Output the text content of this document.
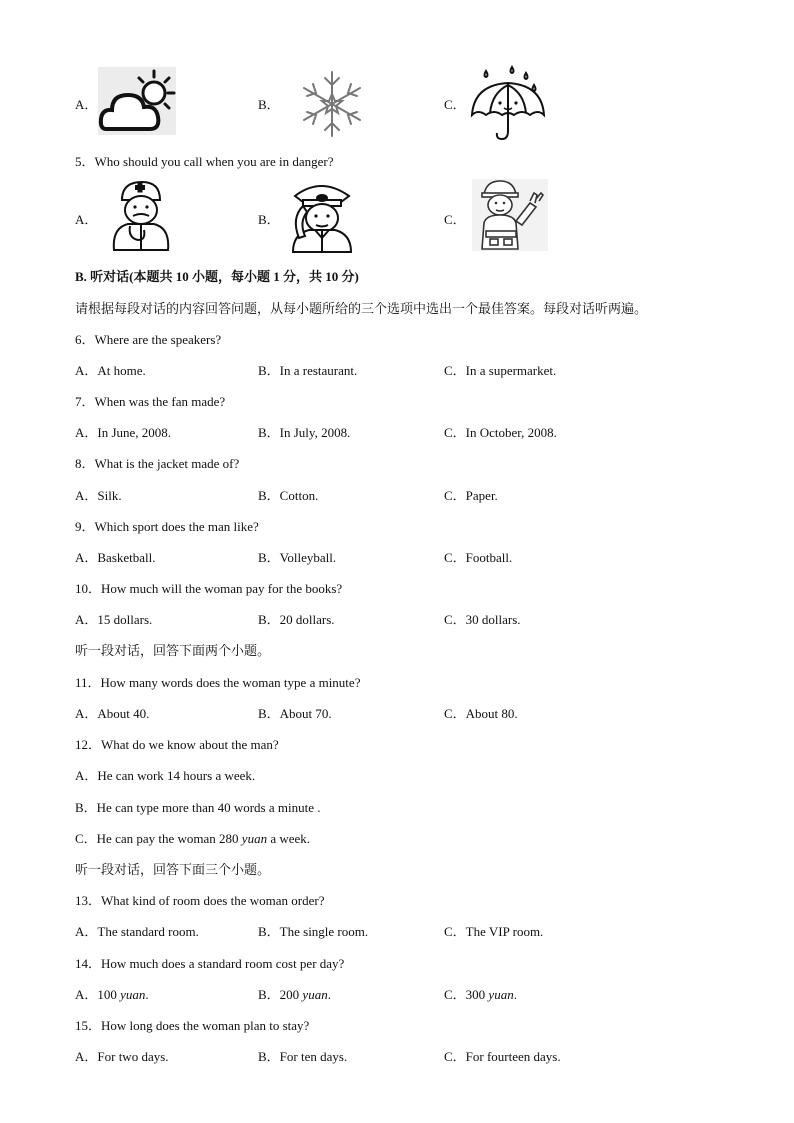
A．	B．	C．
5．Who should you call when you are in danger?
A．	B．	C．
B. 听对话(本题共 10 小题，每小题 1 分，共 10 分)
请根据每段对话的内容回答问题，从每小题所给的三个选项中选出一个最佳答案。每段对话听两遍。
6．Where are the speakers?
A．At home.	B．In a restaurant.	C．In a supermarket.
7．When was the fan made?
A．In June, 2008.	B．In July, 2008.	C．In October, 2008.
8．What is the jacket made of?
A．Silk.	B．Cotton.	C．Paper.
9．Which sport does the man like?
A．Basketball.	B．Volleyball.	C．Football.
10．How much will the woman pay for the books?
A．15 dollars.	B．20 dollars.	C．30 dollars.
听一段对话，回答下面两个小题。
11．How many words does the woman type a minute?
A．About 40.	B．About 70.	C．About 80.
12．What do we know about the man?
A．He can work 14 hours a week.
B．He can type more than 40 words a minute .
C．He can pay the woman 280 yuan a week.
听一段对话，回答下面三个小题。
13．What kind of room does the woman order?
A．The standard room.	B．The single room.	C．The VIP room.
14．How much does a standard room cost per day?
A．100 yuan.	B．200 yuan.	C．300 yuan.
15．How long does the woman plan to stay?
A．For two days.	B．For ten days.	C．For fourteen days.
